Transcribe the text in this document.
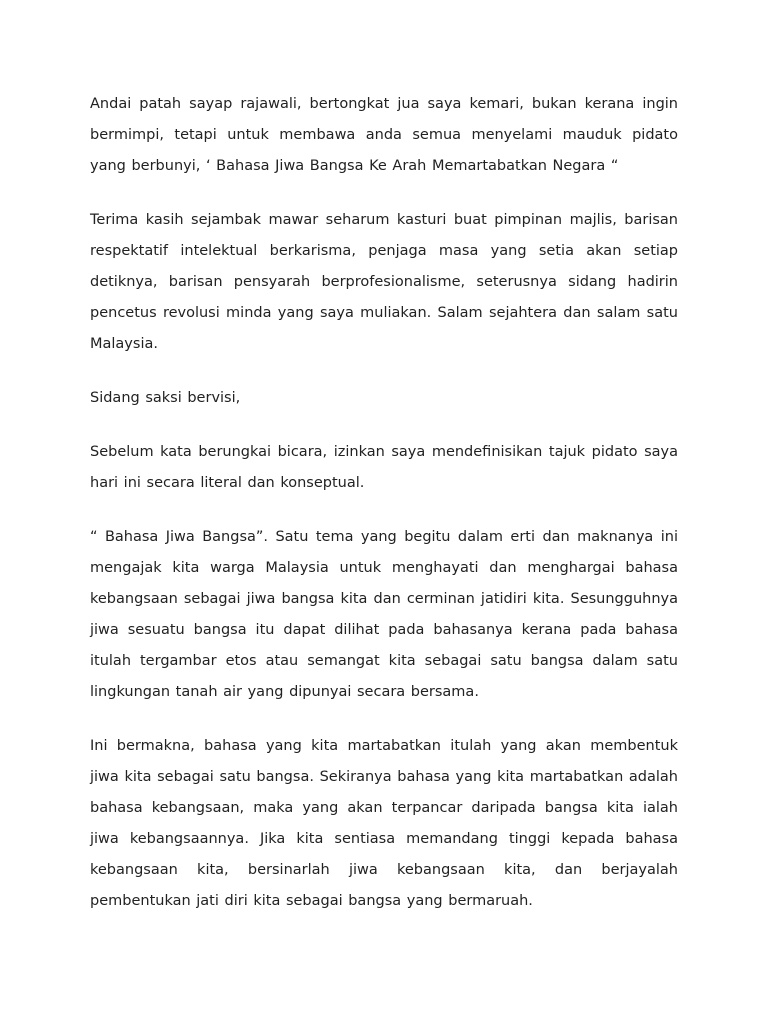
Andai patah sayap rajawali, bertongkat jua saya kemari, bukan kerana ingin bermimpi, tetapi untuk membawa anda semua menyelami mauduk pidato yang berbunyi, ‘ Bahasa Jiwa Bangsa Ke Arah Memartabatkan Negara “

Terima kasih sejambak mawar seharum kasturi buat pimpinan majlis, barisan respektatif intelektual berkarisma, penjaga masa yang setia akan setiap detiknya, barisan pensyarah berprofesionalisme, seterusnya sidang hadirin pencetus revolusi minda yang saya muliakan. Salam sejahtera dan salam satu Malaysia.

Sidang saksi bervisi,

Sebelum kata berungkai bicara, izinkan saya mendefinisikan tajuk pidato saya hari ini secara literal dan konseptual.

“ Bahasa Jiwa Bangsa”. Satu tema yang begitu dalam erti dan maknanya ini mengajak kita warga Malaysia untuk menghayati dan menghargai bahasa kebangsaan sebagai jiwa bangsa kita dan cerminan jatidiri kita. Sesungguhnya jiwa sesuatu bangsa itu dapat dilihat pada bahasanya kerana pada bahasa itulah tergambar etos atau semangat kita sebagai satu bangsa dalam satu lingkungan tanah air yang dipunyai secara bersama.

Ini bermakna, bahasa yang kita martabatkan itulah yang akan membentuk jiwa kita sebagai satu bangsa. Sekiranya bahasa yang kita martabatkan adalah bahasa kebangsaan, maka yang akan terpancar daripada bangsa kita ialah jiwa kebangsaannya. Jika kita sentiasa memandang tinggi kepada bahasa kebangsaan kita, bersinarlah jiwa kebangsaan kita, dan berjayalah pembentukan jati diri kita sebagai bangsa yang bermaruah.
